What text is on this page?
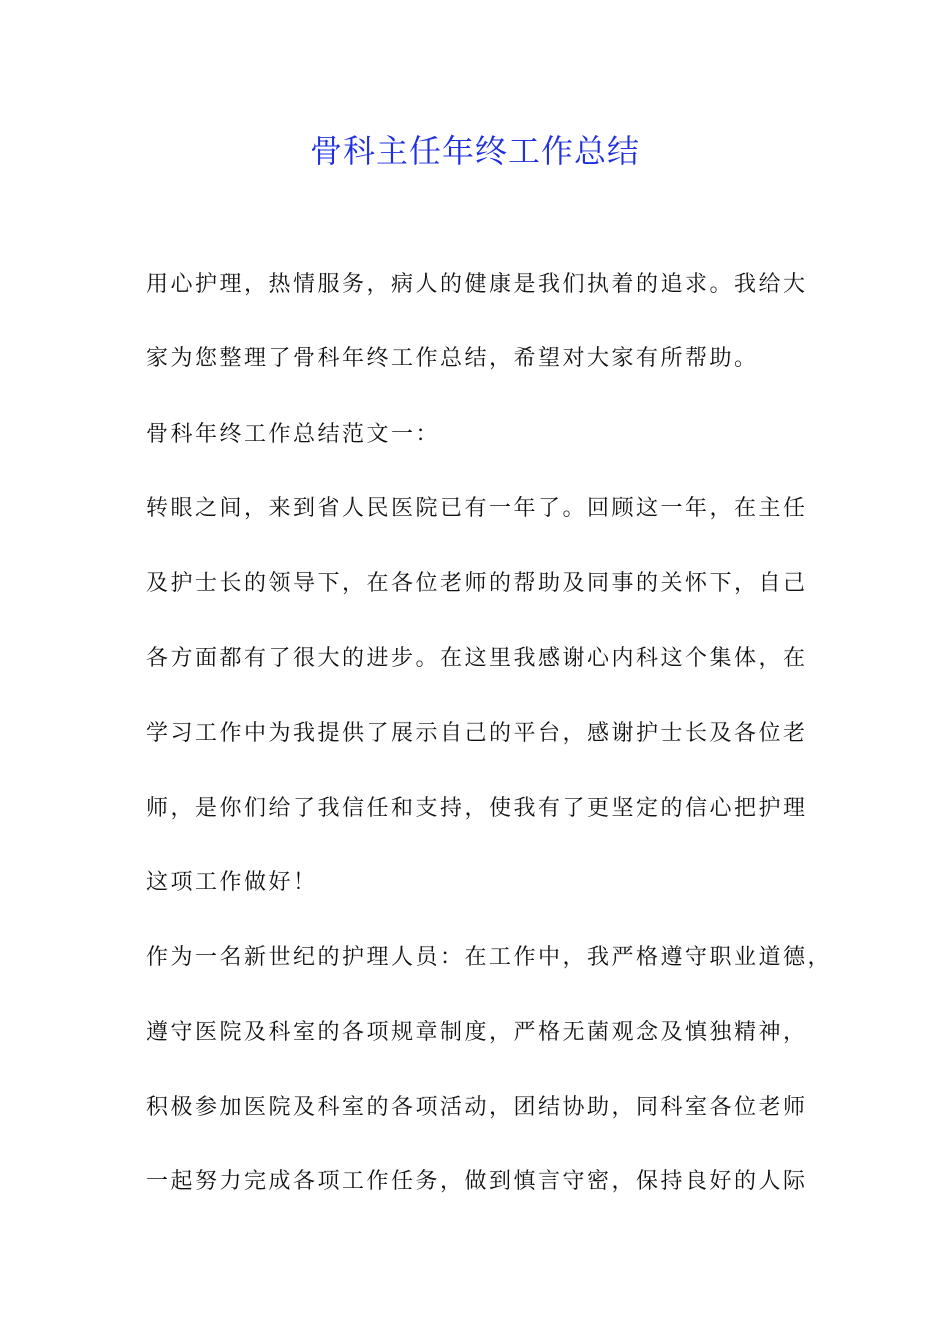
骨科主任年终工作总结
用心护理，热情服务，病人的健康是我们执着的追求。我给大
家为您整理了骨科年终工作总结，希望对大家有所帮助。
骨科年终工作总结范文一：
转眼之间，来到省人民医院已有一年了。回顾这一年，在主任
及护士长的领导下，在各位老师的帮助及同事的关怀下，自己
各方面都有了很大的进步。在这里我感谢心内科这个集体，在
学习工作中为我提供了展示自己的平台，感谢护士长及各位老
师，是你们给了我信任和支持，使我有了更坚定的信心把护理
这项工作做好！
作为一名新世纪的护理人员：在工作中，我严格遵守职业道德，
遵守医院及科室的各项规章制度，严格无菌观念及慎独精神，
积极参加医院及科室的各项活动，团结协助，同科室各位老师
一起努力完成各项工作任务，做到慎言守密，保持良好的人际
